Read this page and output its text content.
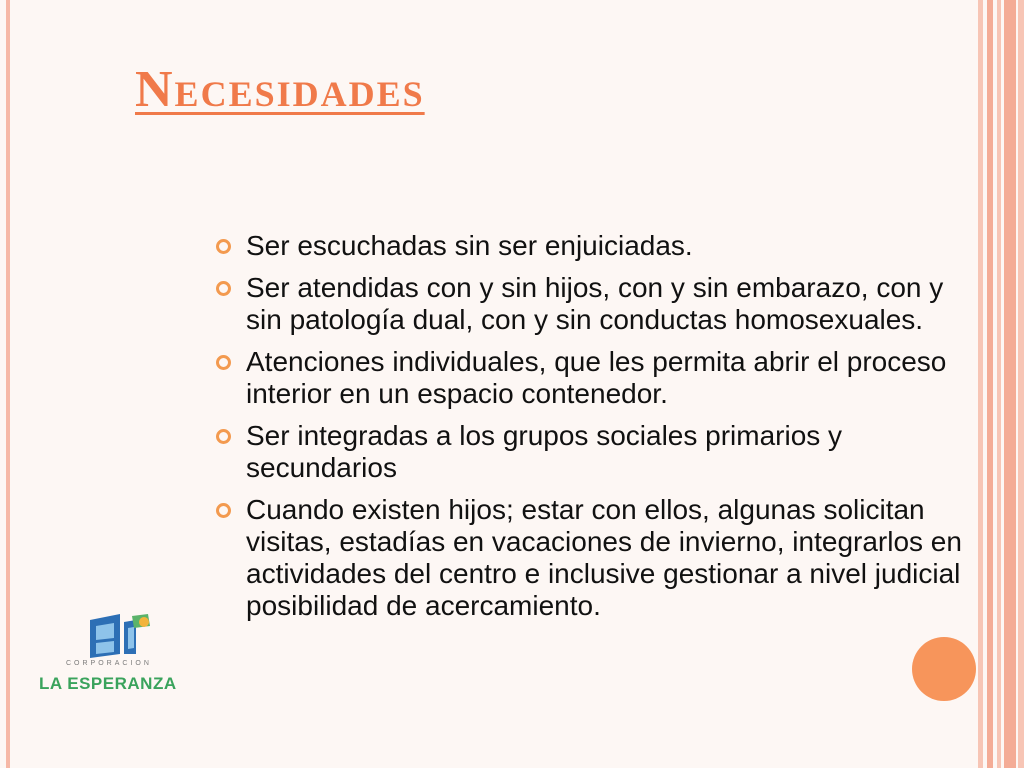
Necesidades
Ser escuchadas sin ser enjuiciadas.
Ser atendidas con y sin hijos, con y sin embarazo, con y sin patología dual, con y sin conductas homosexuales.
Atenciones individuales, que les permita abrir el proceso interior en un espacio contenedor.
Ser integradas a los grupos sociales primarios y secundarios
Cuando existen hijos; estar con ellos, algunas solicitan visitas, estadías en vacaciones de invierno, integrarlos en actividades del centro e inclusive gestionar a nivel judicial posibilidad de acercamiento.
CORPORACION
LA ESPERANZA
